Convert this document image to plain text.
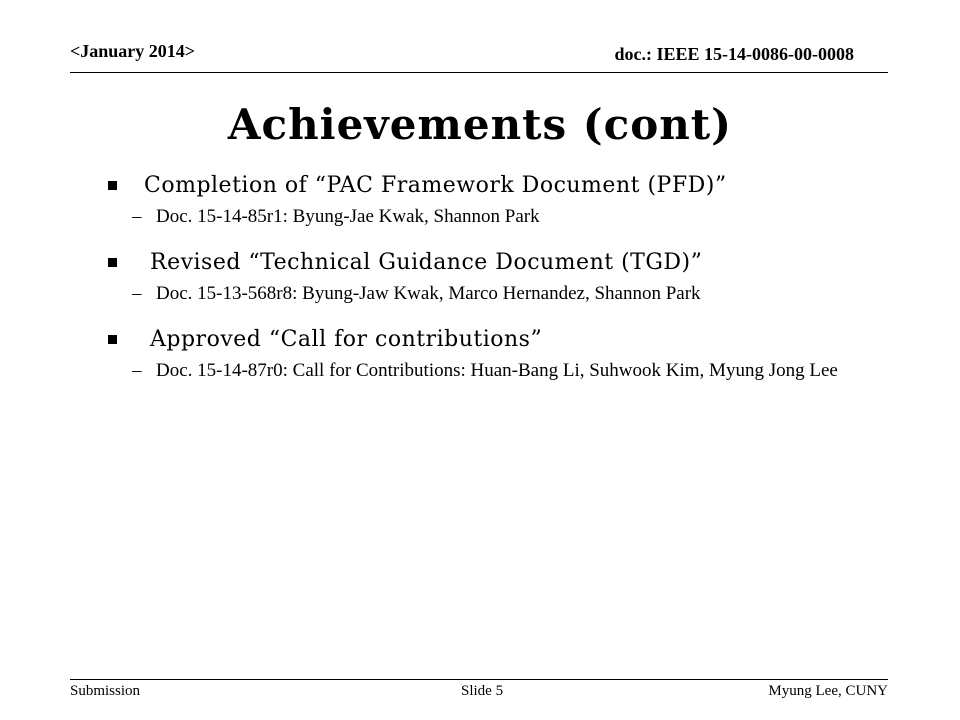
<January 2014>	doc.: IEEE 15-14-0086-00-0008
Achievements (cont)
Completion of “PAC Framework Document (PFD)”
– Doc. 15-14-85r1: Byung-Jae Kwak, Shannon Park
Revised “Technical Guidance Document (TGD)”
– Doc. 15-13-568r8: Byung-Jaw Kwak, Marco Hernandez, Shannon Park
Approved “Call for contributions”
– Doc. 15-14-87r0: Call for Contributions: Huan-Bang Li, Suhwook Kim, Myung Jong Lee
Submission	Slide 5	Myung Lee, CUNY
